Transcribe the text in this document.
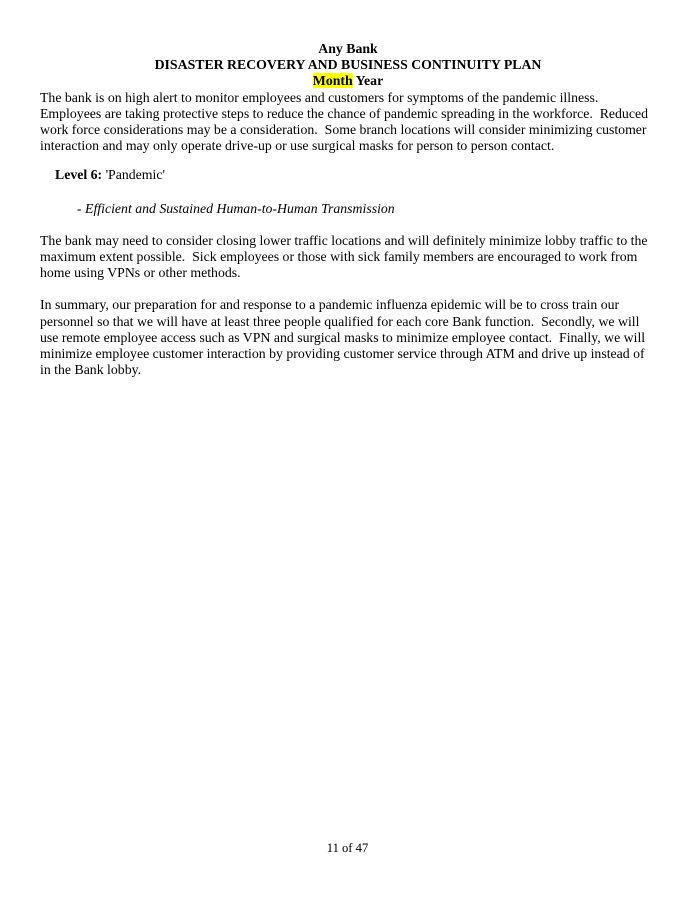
Any Bank
DISASTER RECOVERY AND BUSINESS CONTINUITY PLAN
Month Year

The bank is on high alert to monitor employees and customers for symptoms of the pandemic illness.  Employees are taking protective steps to reduce the chance of pandemic spreading in the workforce.  Reduced work force considerations may be a consideration.  Some branch locations will consider minimizing customer interaction and may only operate drive-up or use surgical masks for person to person contact.

Level 6: 'Pandemic'

- Efficient and Sustained Human-to-Human Transmission

The bank may need to consider closing lower traffic locations and will definitely minimize lobby traffic to the maximum extent possible.  Sick employees or those with sick family members are encouraged to work from home using VPNs or other methods.

In summary, our preparation for and response to a pandemic influenza epidemic will be to cross train our personnel so that we will have at least three people qualified for each core Bank function.  Secondly, we will use remote employee access such as VPN and surgical masks to minimize employee contact.  Finally, we will minimize employee customer interaction by providing customer service through ATM and drive up instead of in the Bank lobby.

11 of 47
